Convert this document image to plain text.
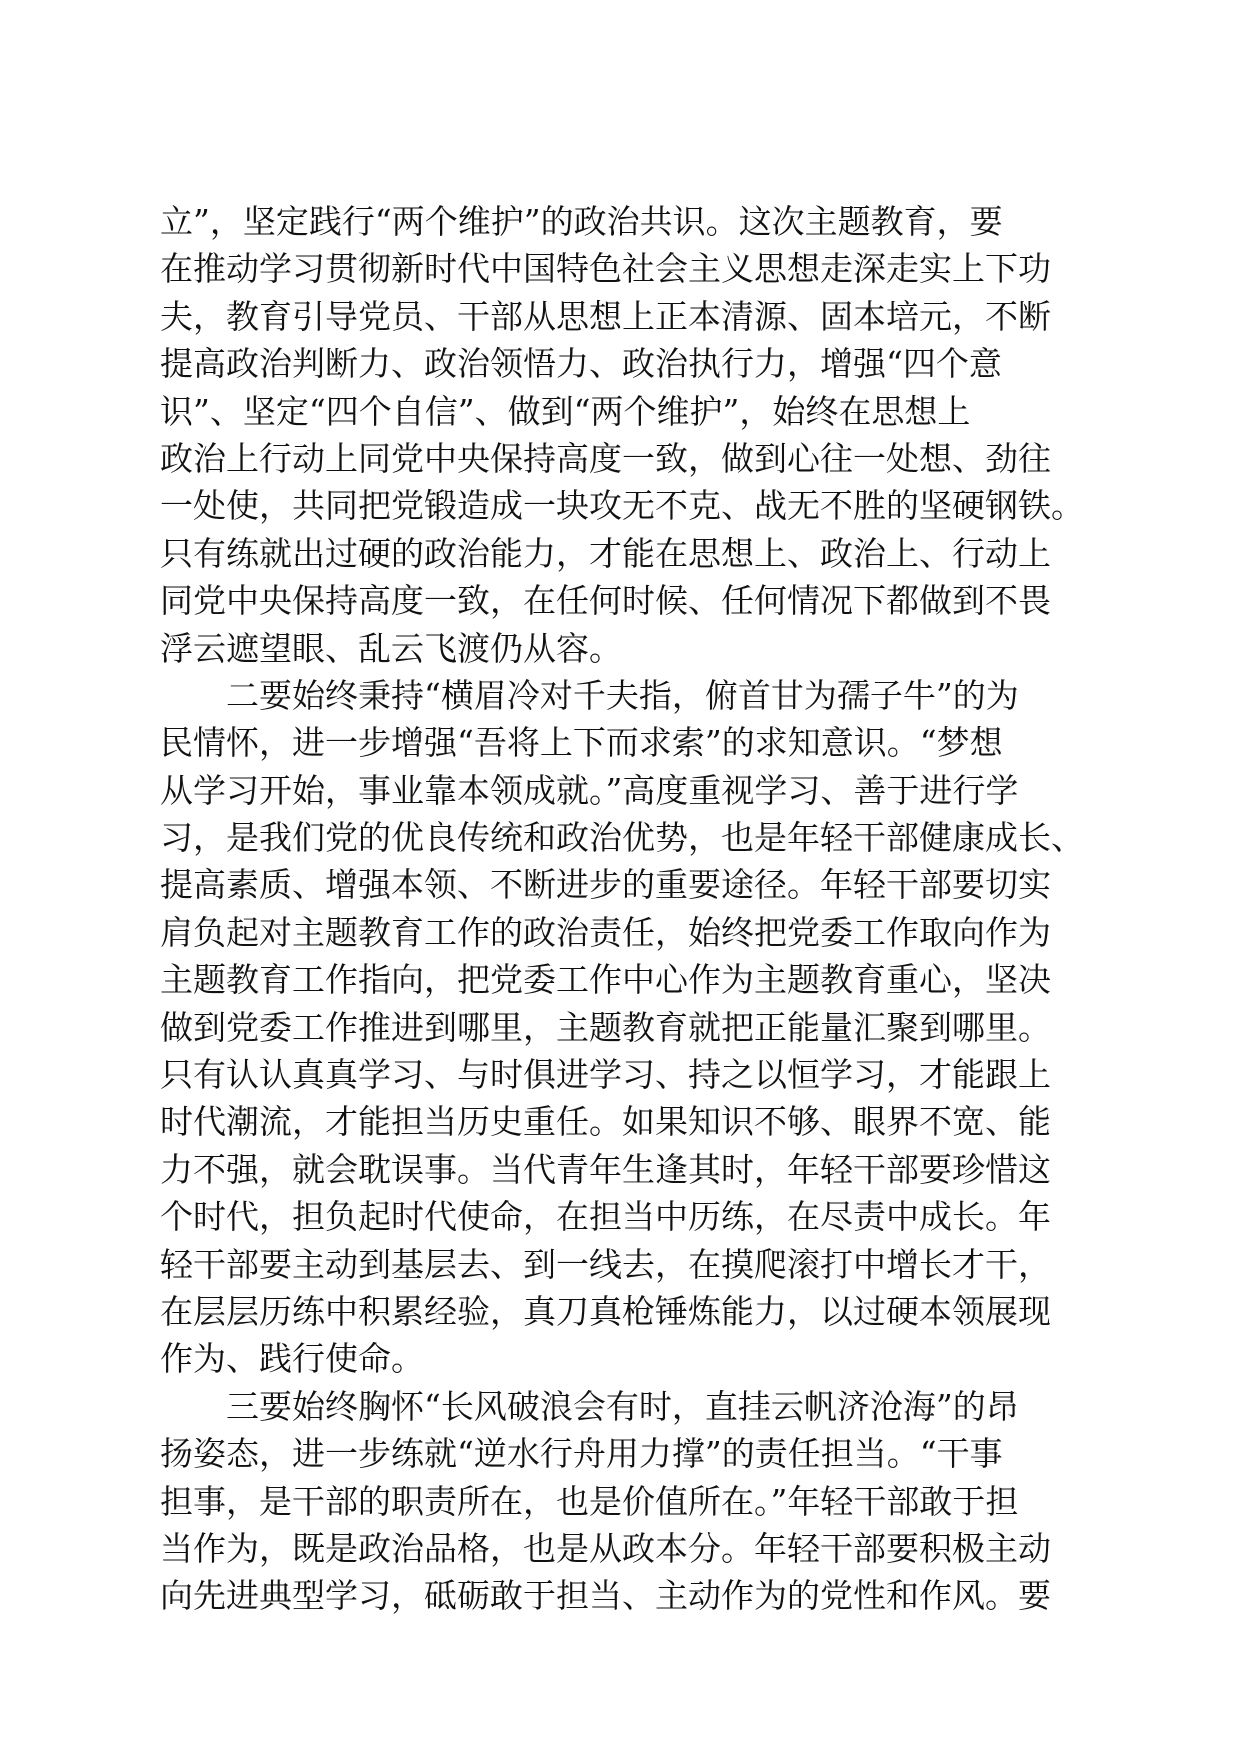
立”，坚定践行“两个维护”的政治共识。这次主题教育，要
在推动学习贯彻新时代中国特色社会主义思想走深走实上下功
夫，教育引导党员、干部从思想上正本清源、固本培元，不断
提高政治判断力、政治领悟力、政治执行力，增强“四个意
识”、坚定“四个自信”、做到“两个维护”，始终在思想上
政治上行动上同党中央保持高度一致，做到心往一处想、劲往
一处使，共同把党锻造成一块攻无不克、战无不胜的坚硬钢铁。
只有练就出过硬的政治能力，才能在思想上、政治上、行动上
同党中央保持高度一致，在任何时候、任何情况下都做到不畏
浮云遮望眼、乱云飞渡仍从容。
　　二要始终秉持“横眉冷对千夫指，俯首甘为孺子牛”的为
民情怀，进一步增强“吾将上下而求索”的求知意识。“梦想
从学习开始，事业靠本领成就。”高度重视学习、善于进行学
习，是我们党的优良传统和政治优势，也是年轻干部健康成长、
提高素质、增强本领、不断进步的重要途径。年轻干部要切实
肩负起对主题教育工作的政治责任，始终把党委工作取向作为
主题教育工作指向，把党委工作中心作为主题教育重心，坚决
做到党委工作推进到哪里，主题教育就把正能量汇聚到哪里。
只有认认真真学习、与时俱进学习、持之以恒学习，才能跟上
时代潮流，才能担当历史重任。如果知识不够、眼界不宽、能
力不强，就会耽误事。当代青年生逢其时，年轻干部要珍惜这
个时代，担负起时代使命，在担当中历练，在尽责中成长。年
轻干部要主动到基层去、到一线去，在摸爬滚打中增长才干，
在层层历练中积累经验，真刀真枪锤炼能力，以过硬本领展现
作为、践行使命。
　　三要始终胸怀“长风破浪会有时，直挂云帆济沧海”的昂
扬姿态，进一步练就“逆水行舟用力撑”的责任担当。“干事
担事，是干部的职责所在，也是价值所在。”年轻干部敢于担
当作为，既是政治品格，也是从政本分。年轻干部要积极主动
向先进典型学习，砥砺敢于担当、主动作为的党性和作风。要
